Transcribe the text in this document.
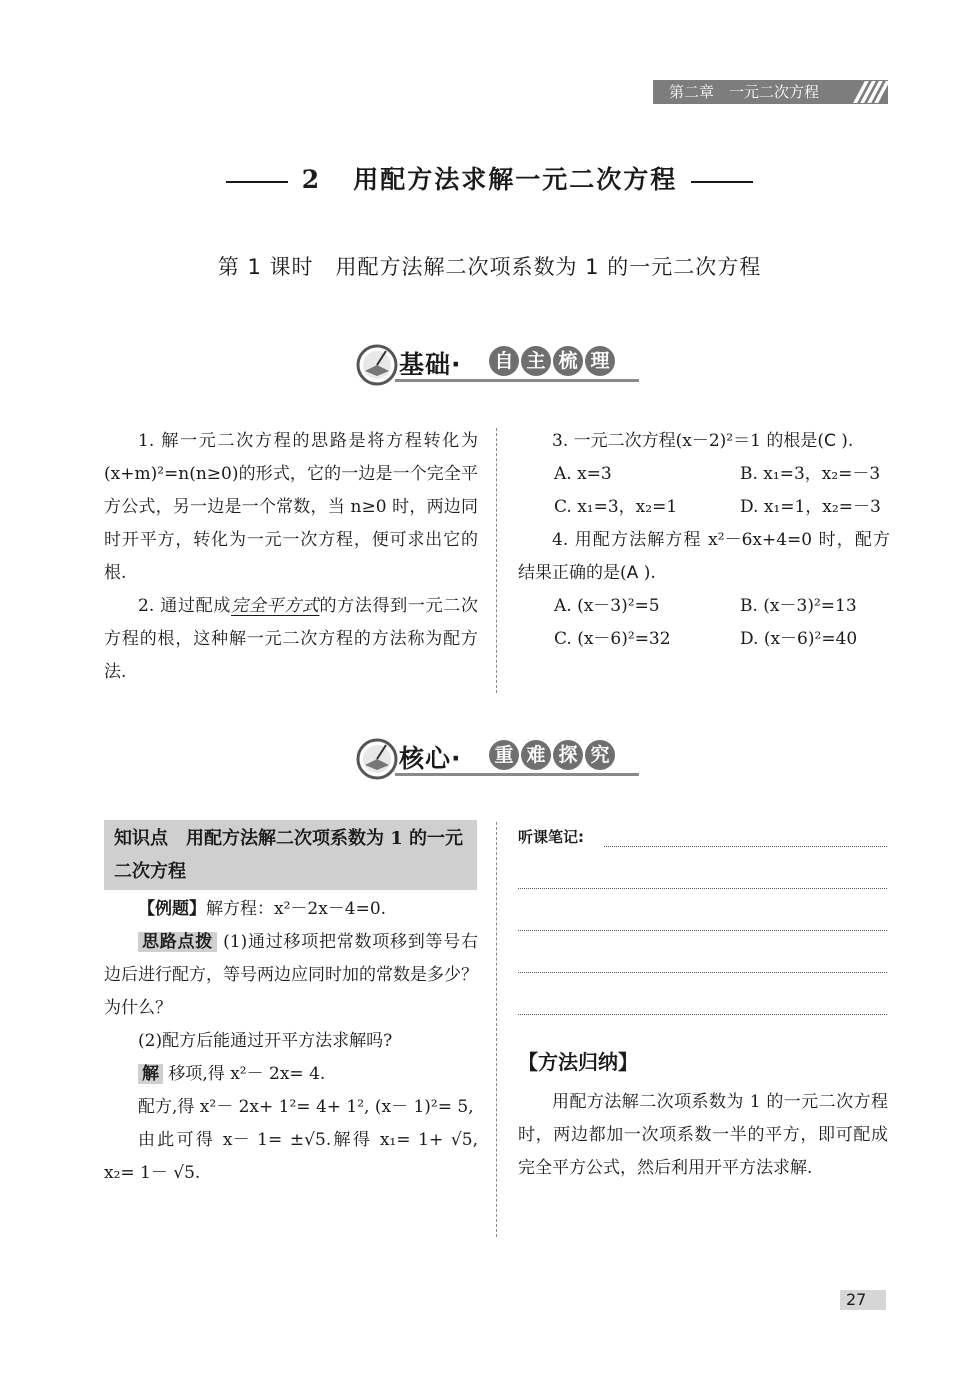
第二章　一元二次方程
2 用配方法求解一元二次方程
第 1 课时　用配方法解二次项系数为 1 的一元二次方程
基础· 自 主 梳 理

1. 解一元二次方程的思路是将方程转化为(x+m)²=n(n≥0)的形式，它的一边是一个完全平方公式，另一边是一个常数，当 n≥0 时，两边同时开平方，转化为一元一次方程，便可求出它的根.

2. 通过配成完全平方式的方法得到一元二次方程的根，这种解一元二次方程的方法称为配方法.

3. 一元二次方程(x－2)²＝1 的根是(C ).

A. x=3	B. x₁=3，x₂=－3
C. x₁=3，x₂=1	D. x₁=1，x₂=－3

4. 用配方法解方程 x²－6x+4=0 时，配方结果正确的是(A ).

A. (x－3)²=5	B. (x－3)²=13
C. (x－6)²=32	D. (x－6)²=40
核心· 重 难 探 究
知识点　用配方法解二次项系数为 1 的一元二次方程

【例题】解方程：x²－2x－4=0.

思路点拨 (1)通过移项把常数项移到等号右边后进行配方，等号两边应同时加的常数是多少？为什么？

(2)配方后能通过开平方法求解吗?

解 移项,得 x²－ 2x= 4.

配方,得 x²－ 2x+ 1²= 4+ 1², (x－ 1)²= 5,

由此可得 x－ 1= ±√5.解得 x₁= 1+ √5, x₂= 1－ √5.

听课笔记:
【方法归纳】

用配方法解二次项系数为 1 的一元二次方程时，两边都加一次项系数一半的平方，即可配成完全平方公式，然后利用开平方法求解.

27
